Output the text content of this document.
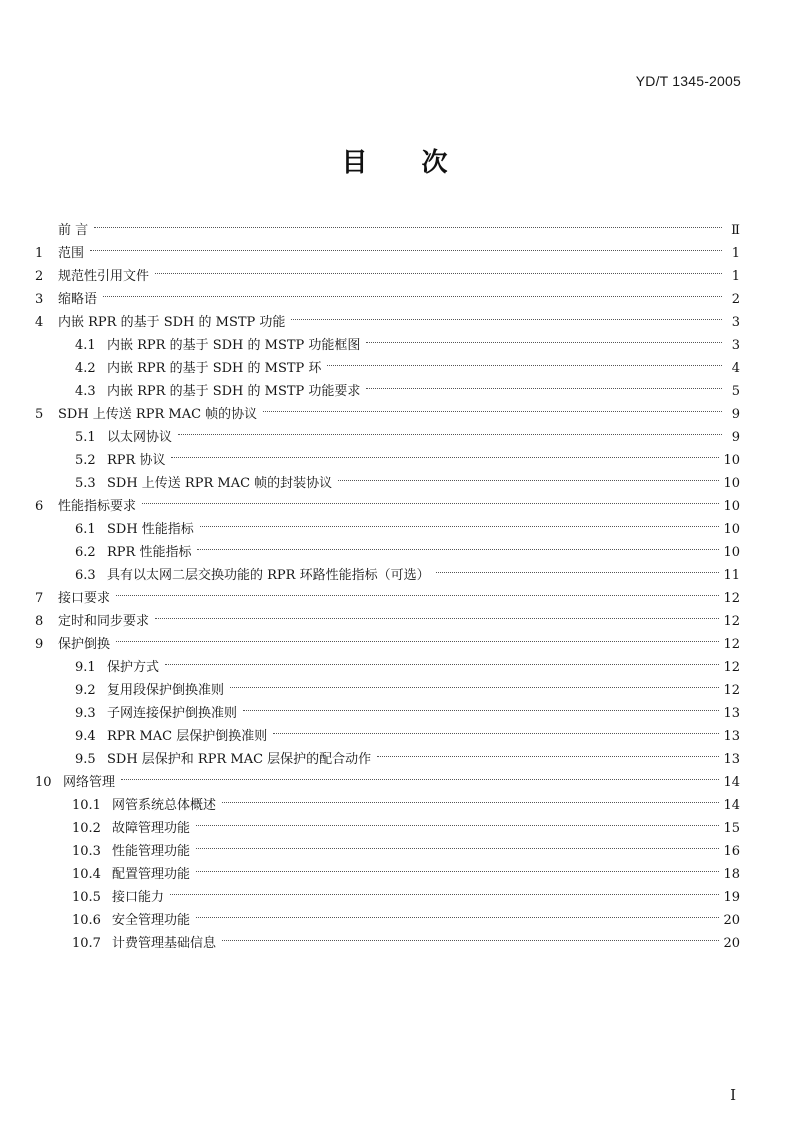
YD/T 1345-2005
目 次
前 言	Ⅱ
1	范围	1
2	规范性引用文件	1
3	缩略语	2
4	内嵌 RPR 的基于 SDH 的 MSTP 功能	3
4.1 内嵌 RPR 的基于 SDH 的 MSTP 功能框图	3
4.2 内嵌 RPR 的基于 SDH 的 MSTP 环	4
4.3 内嵌 RPR 的基于 SDH 的 MSTP 功能要求	5
5	SDH 上传送 RPR MAC 帧的协议	9
5.1 以太网协议	9
5.2 RPR 协议	10
5.3 SDH 上传送 RPR MAC 帧的封装协议	10
6	性能指标要求	10
6.1 SDH 性能指标	10
6.2 RPR 性能指标	10
6.3 具有以太网二层交换功能的 RPR 环路性能指标（可选）	11
7	接口要求	12
8	定时和同步要求	12
9	保护倒换	12
9.1 保护方式	12
9.2 复用段保护倒换准则	12
9.3 子网连接保护倒换准则	13
9.4 RPR MAC 层保护倒换准则	13
9.5 SDH 层保护和 RPR MAC 层保护的配合动作	13
10 网络管理	14
10.1 网管系统总体概述	14
10.2 故障管理功能	15
10.3 性能管理功能	16
10.4 配置管理功能	18
10.5 接口能力	19
10.6 安全管理功能	20
10.7 计费管理基础信息	20
I
